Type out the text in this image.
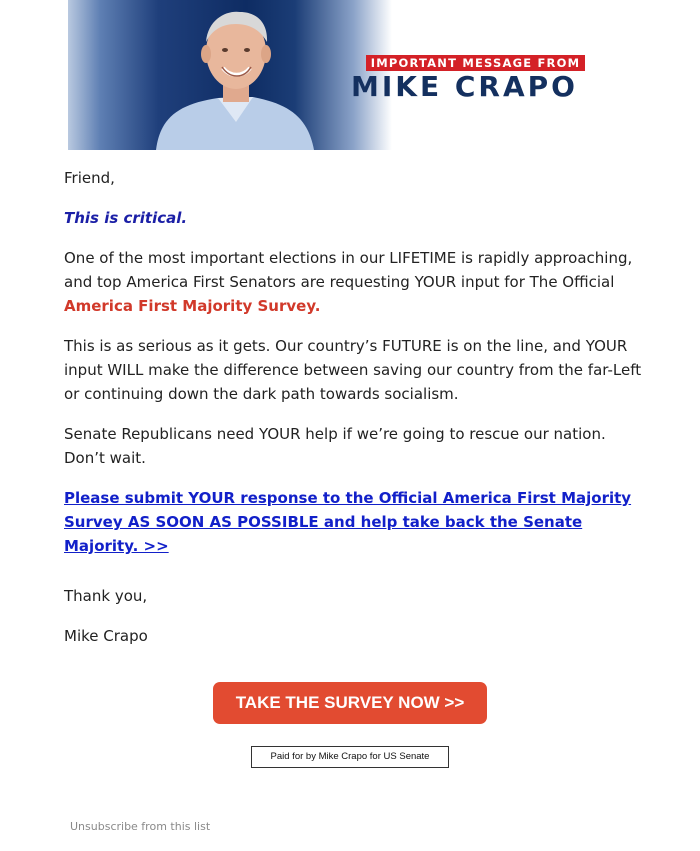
IMPORTANT MESSAGE FROM
MIKE CRAPO

Friend,

This is critical.

One of the most important elections in our LIFETIME is rapidly approaching, and top America First Senators are requesting YOUR input for The Official
America First Majority Survey.

This is as serious as it gets. Our country’s FUTURE is on the line, and YOUR input WILL make the difference between saving our country from the far-Left or continuing down the dark path towards socialism.

Senate Republicans need YOUR help if we’re going to rescue our nation. Don’t wait.

Please submit YOUR response to the Official America First Majority Survey AS SOON AS POSSIBLE and help take back the Senate Majority. >>

Thank you,

Mike Crapo

TAKE THE SURVEY NOW >>
Paid for by Mike Crapo for US Senate
Unsubscribe from this list
